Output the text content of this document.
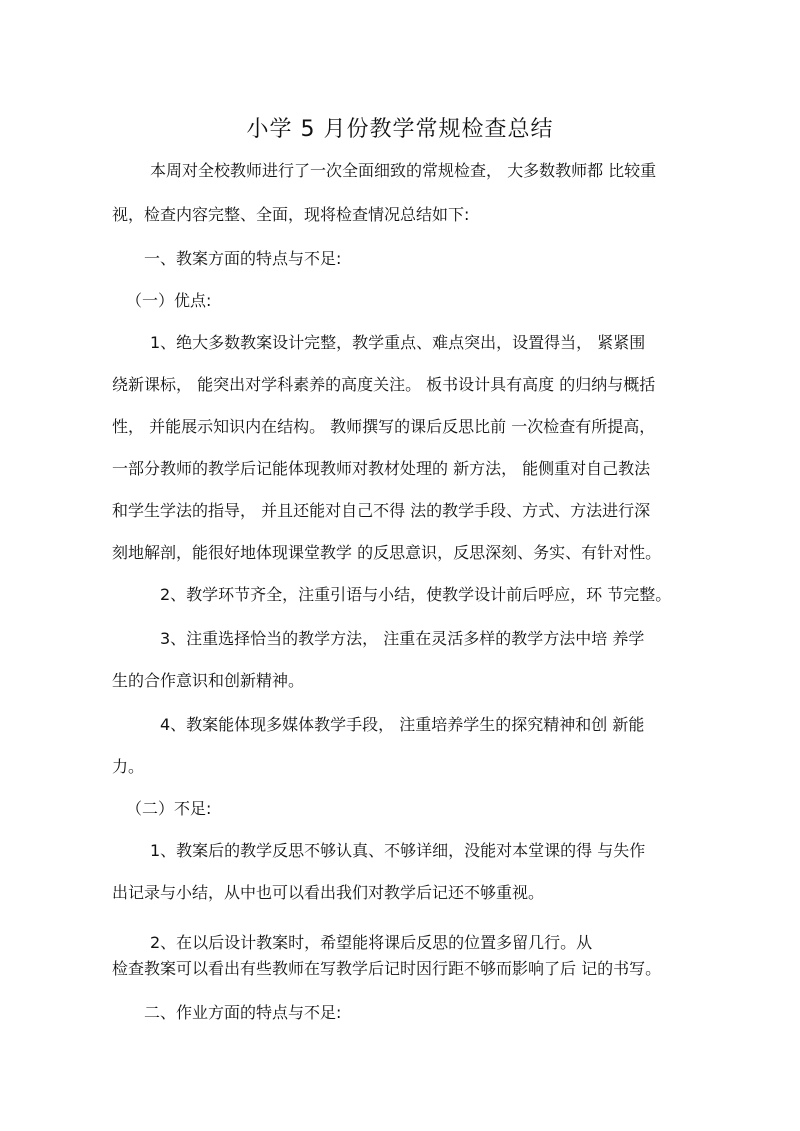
小学 5 月份教学常规检查总结
本周对全校教师进行了一次全面细致的常规检查， 大多数教师都 比较重
视，检查内容完整、全面，现将检查情况总结如下:
一、教案方面的特点与不足:
（一）优点:
1、绝大多数教案设计完整，教学重点、难点突出，设置得当， 紧紧围
绕新课标， 能突出对学科素养的高度关注。 板书设计具有高度 的归纳与概括
性， 并能展示知识内在结构。 教师撰写的课后反思比前 一次检查有所提高，
一部分教师的教学后记能体现教师对教材处理的 新方法， 能侧重对自己教法
和学生学法的指导， 并且还能对自己不得 法的教学手段、方式、方法进行深
刻地解剖，能很好地体现课堂教学 的反思意识，反思深刻、务实、有针对性。
2、教学环节齐全，注重引语与小结，使教学设计前后呼应，环 节完整。
3、注重选择恰当的教学方法， 注重在灵活多样的教学方法中培 养学
生的合作意识和创新精神。
4、教案能体现多媒体教学手段， 注重培养学生的探究精神和创 新能
力。
（二）不足:
1、教案后的教学反思不够认真、不够详细，没能对本堂课的得 与失作
出记录与小结，从中也可以看出我们对教学后记还不够重视。
2、在以后设计教案时，希望能将课后反思的位置多留几行。从
检查教案可以看出有些教师在写教学后记时因行距不够而影响了后 记的书写。
二、作业方面的特点与不足:
